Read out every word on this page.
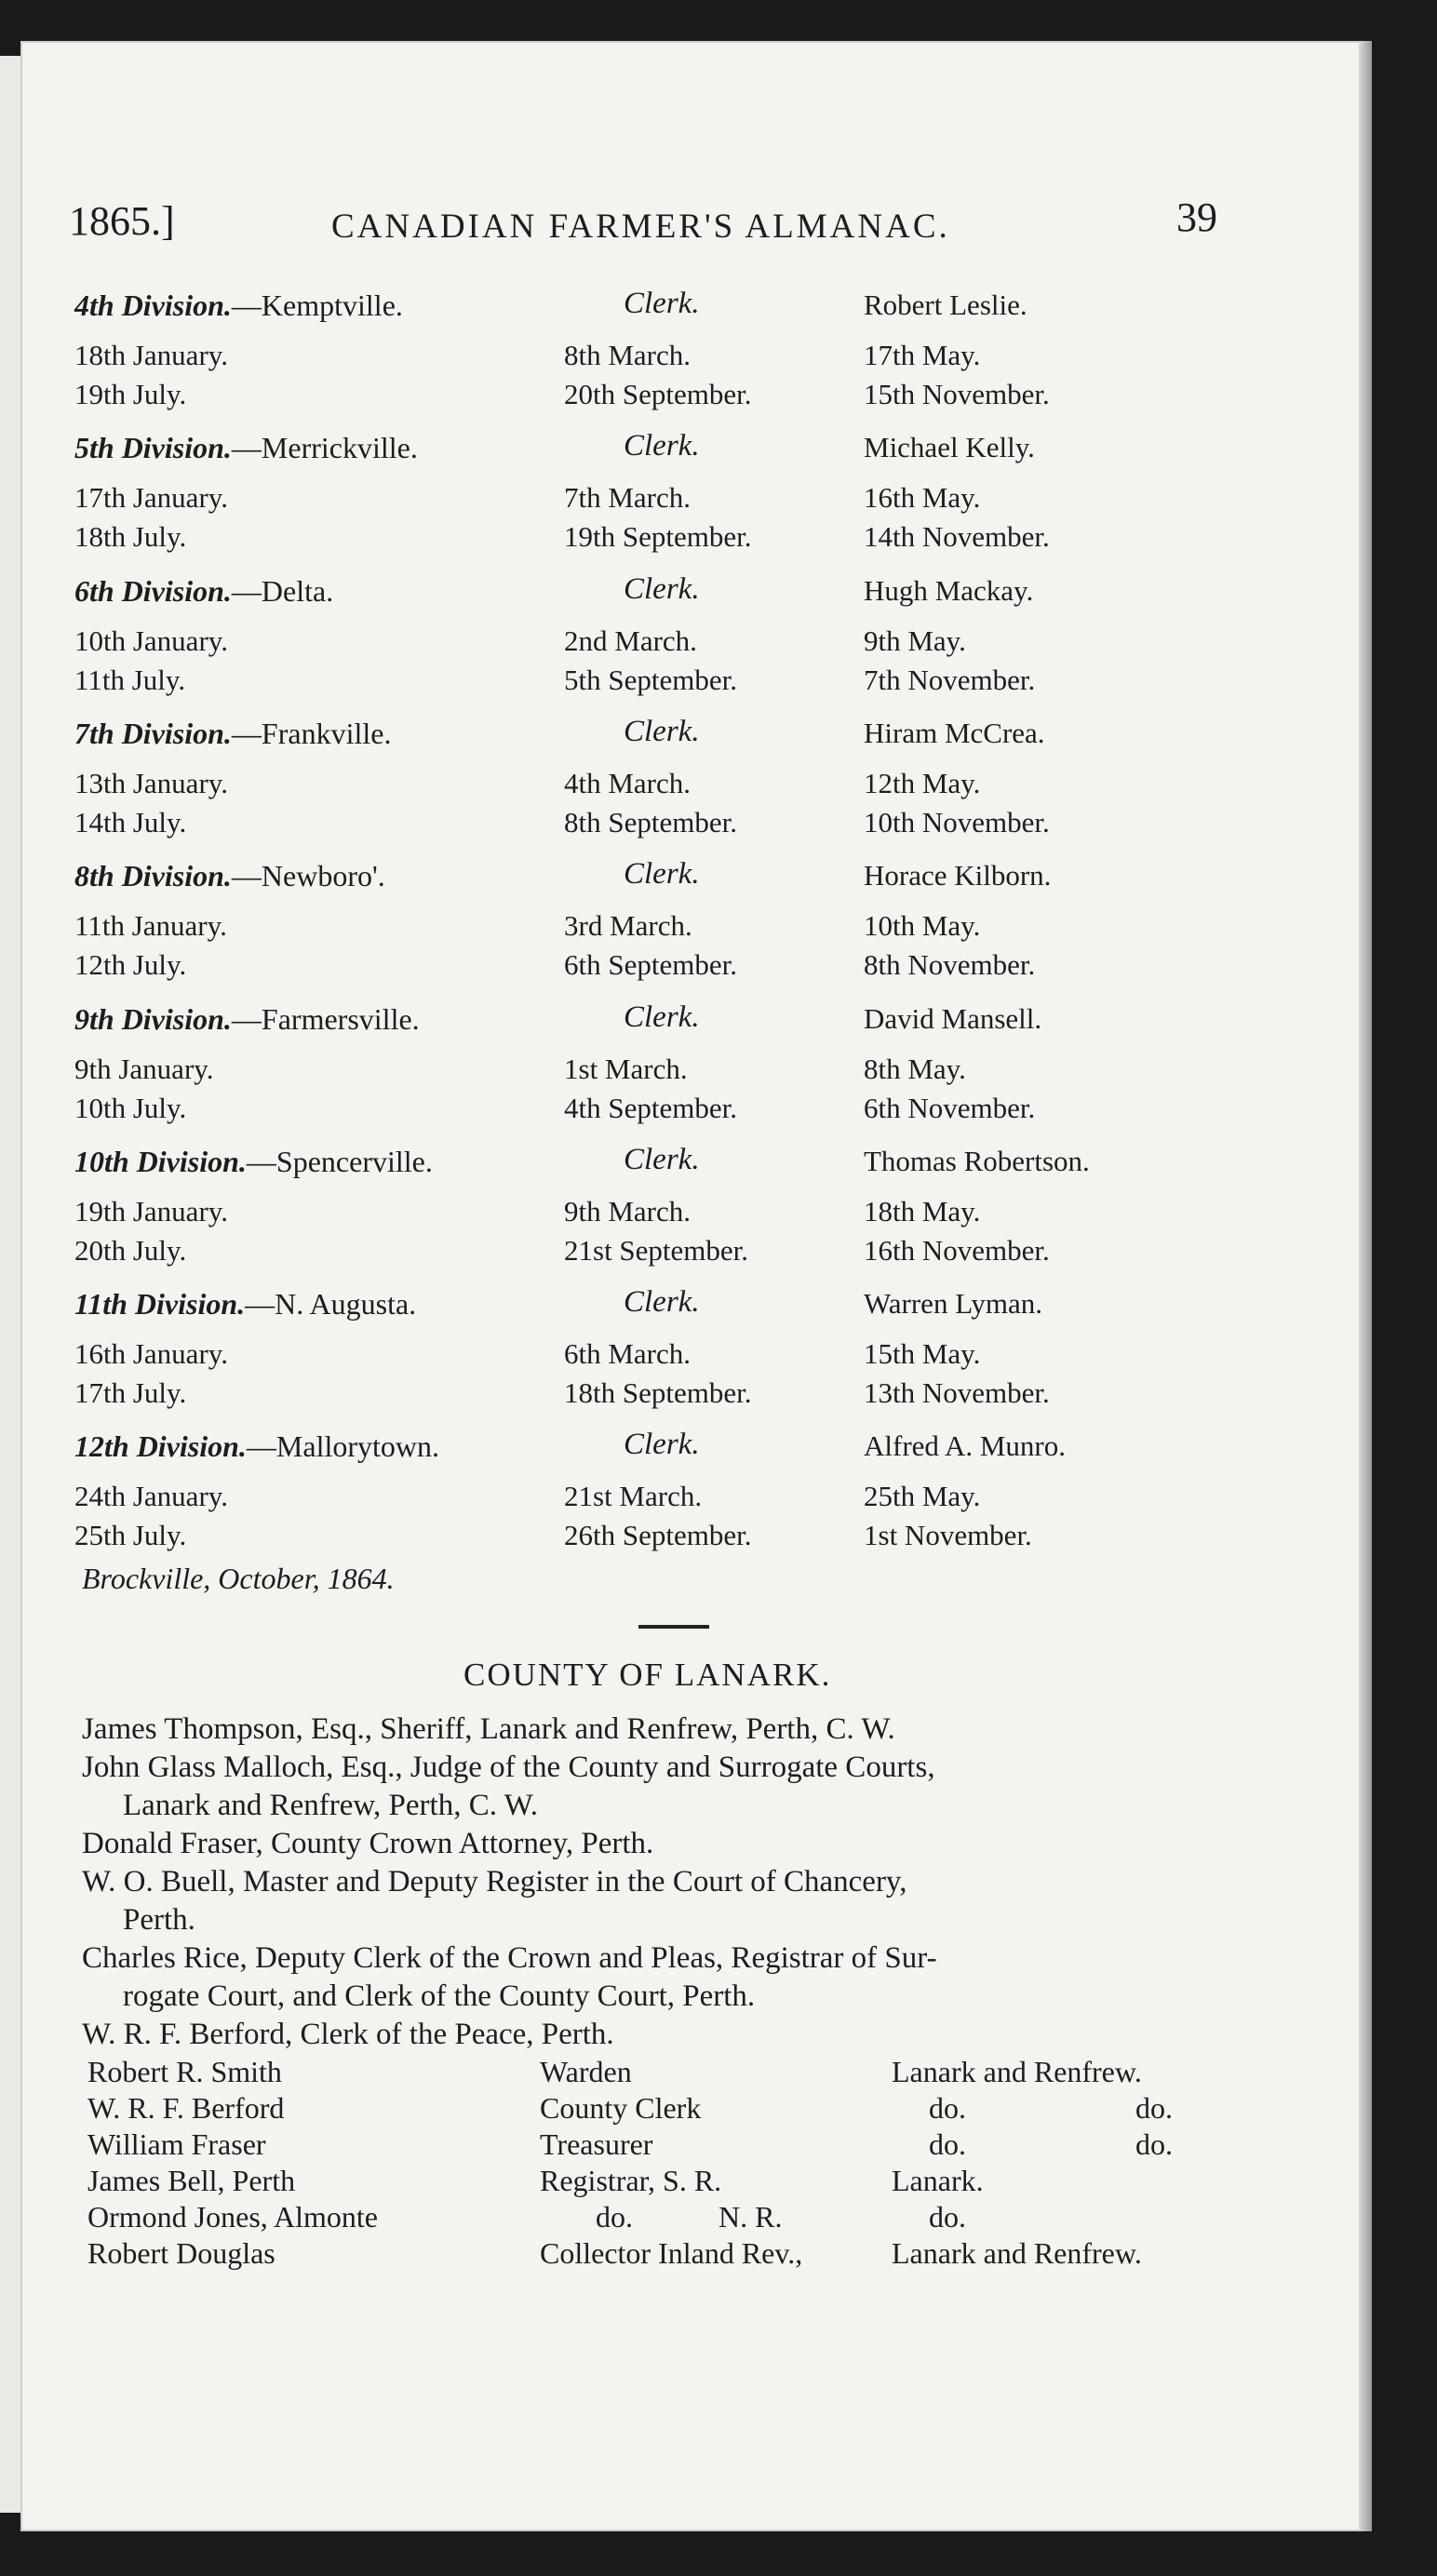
1865.]	CANADIAN FARMER'S ALMANAC.	39
4th Division.—Kemptville.	Clerk.	Robert Leslie.
18th January.	8th March.	17th May.
19th July.	20th September.	15th November.
5th Division.—Merrickville.	Clerk.	Michael Kelly.
17th January.	7th March.	16th May.
18th July.	19th September.	14th November.
6th Division.—Delta.	Clerk.	Hugh Mackay.
10th January.	2nd March.	9th May.
11th July.	5th September.	7th November.
7th Division.—Frankville.	Clerk.	Hiram McCrea.
13th January.	4th March.	12th May.
14th July.	8th September.	10th November.
8th Division.—Newboro'.	Clerk.	Horace Kilborn.
11th January.	3rd March.	10th May.
12th July.	6th September.	8th November.
9th Division.—Farmersville.	Clerk.	David Mansell.
9th January.	1st March.	8th May.
10th July.	4th September.	6th November.
10th Division.—Spencerville.	Clerk.	Thomas Robertson.
19th January.	9th March.	18th May.
20th July.	21st September.	16th November.
11th Division.—N. Augusta.	Clerk.	Warren Lyman.
16th January.	6th March.	15th May.
17th July.	18th September.	13th November.
12th Division.—Mallorytown.	Clerk.	Alfred A. Munro.
24th January.	21st March.	25th May.
25th July.	26th September.	1st November.
Brockville, October, 1864.
COUNTY OF LANARK.
James Thompson, Esq., Sheriff, Lanark and Renfrew, Perth, C. W.
John Glass Malloch, Esq., Judge of the County and Surrogate Courts,
Lanark and Renfrew, Perth, C. W.
Donald Fraser, County Crown Attorney, Perth.
W. O. Buell, Master and Deputy Register in the Court of Chancery,
Perth.
Charles Rice, Deputy Clerk of the Crown and Pleas, Registrar of Sur-
rogate Court, and Clerk of the County Court, Perth.
W. R. F. Berford, Clerk of the Peace, Perth.
Robert R. Smith	Warden	Lanark and Renfrew.
W. R. F. Berford	County Clerk	do.	do.
William Fraser	Treasurer	do.	do.
James Bell, Perth	Registrar, S. R.	Lanark.
Ormond Jones, Almonte	do.	N. R.	do.
Robert Douglas	Collector Inland Rev.,	Lanark and Renfrew.
